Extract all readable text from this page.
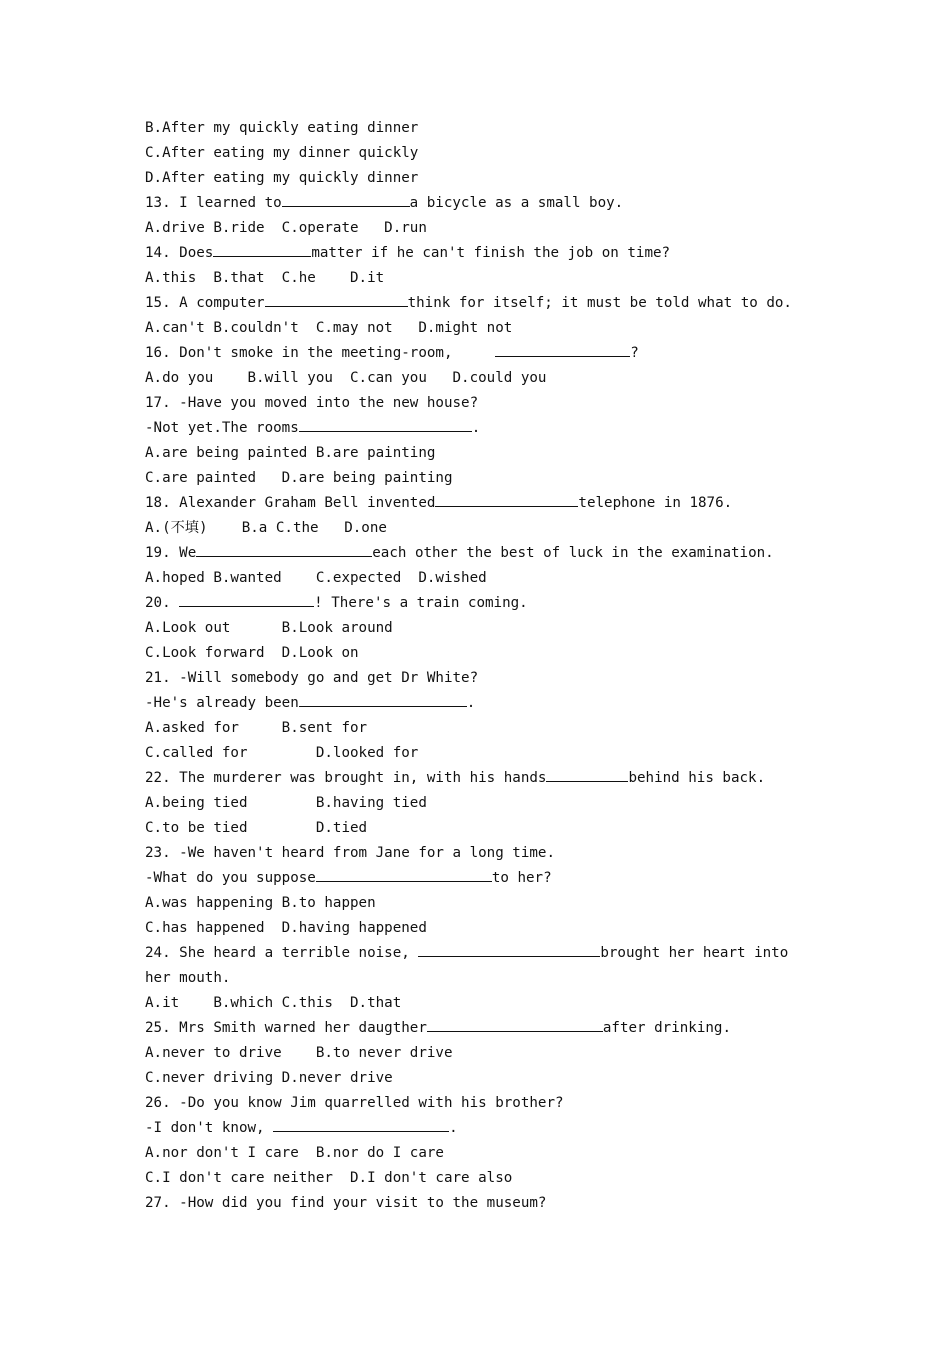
B.After my quickly eating dinner
C.After eating my dinner quickly
D.After eating my quickly dinner
13. I learned to	a bicycle as a small boy.
A.drive B.ride  C.operate   D.run
14. Does	matter if he can't finish the job on time?
A.this  B.that  C.he    D.it
15. A computer	think for itself; it must be told what to do.
A.can't B.couldn't  C.may not   D.might not
16. Don't smoke in the meeting-room,	?
A.do you    B.will you  C.can you   D.could you
17. -Have you moved into the new house?
-Not yet.The rooms	.
A.are being painted B.are painting
C.are painted   D.are being painting
18. Alexander Graham Bell invented	telephone in 1876.
A.(不填)    B.a C.the   D.one
19. We	each other the best of luck in the examination.
A.hoped B.wanted    C.expected  D.wished
20.	! There's a train coming.
A.Look out      B.Look around
C.Look forward  D.Look on
21. -Will somebody go and get Dr White?
-He's already been	.
A.asked for     B.sent for
C.called for        D.looked for
22. The murderer was brought in, with his hands	behind his back.
A.being tied        B.having tied
C.to be tied        D.tied
23. -We haven't heard from Jane for a long time.
-What do you suppose	to her?
A.was happening B.to happen
C.has happened  D.having happened
24. She heard a terrible noise,	brought her heart into
her mouth.
A.it    B.which C.this  D.that
25. Mrs Smith warned her daugther	after drinking.
A.never to drive    B.to never drive
C.never driving D.never drive
26. -Do you know Jim quarrelled with his brother?
-I don't know,	.
A.nor don't I care  B.nor do I care
C.I don't care neither  D.I don't care also
27. -How did you find your visit to the museum?
